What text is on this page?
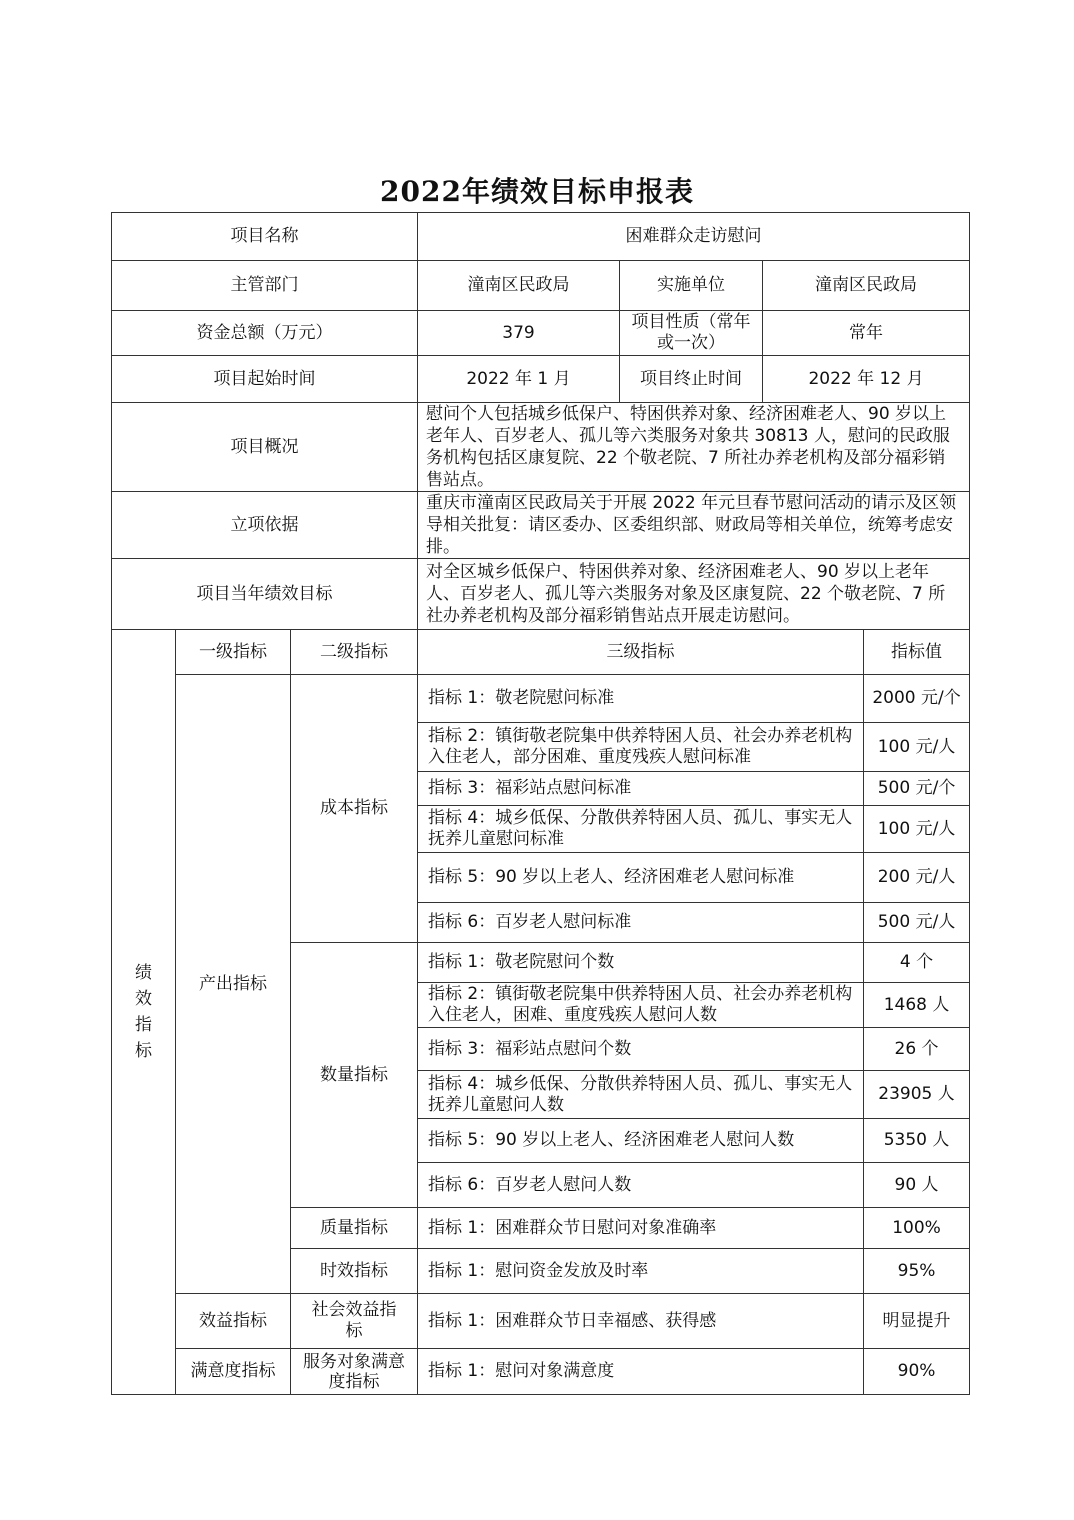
2022年绩效目标申报表
项目名称			困难群众走访慰问			
主管部门			潼南区民政局	实施单位	潼南区民政局	
资金总额（万元）			379	项目性质（常年或一次）	常年	
项目起始时间			2022 年 1 月	项目终止时间	2022 年 12 月	
项目概况			慰问个人包括城乡低保户、特困供养对象、经济困难老人、90 岁以上老年人、百岁老人、孤儿等六类服务对象共 30813 人，慰问的民政服务机构包括区康复院、22 个敬老院、7 所社办养老机构及部分福彩销售站点。			
立项依据			重庆市潼南区民政局关于开展 2022 年元旦春节慰问活动的请示及区领导相关批复：请区委办、区委组织部、财政局等相关单位，统筹考虑安排。			
项目当年绩效目标			对全区城乡低保户、特困供养对象、经济困难老人、90 岁以上老年人、百岁老人、孤儿等六类服务对象及区康复院、22 个敬老院、7 所社办养老机构及部分福彩销售站点开展走访慰问。			
绩效指标	一级指标	二级指标	三级指标			指标值
	产出指标	成本指标	指标 1：敬老院慰问标准			2000 元/个
			指标 2：镇街敬老院集中供养特困人员、社会办养老机构入住老人，部分困难、重度残疾人慰问标准			100 元/人
			指标 3：福彩站点慰问标准			500 元/个
			指标 4：城乡低保、分散供养特困人员、孤儿、事实无人抚养儿童慰问标准			100 元/人
			指标 5：90 岁以上老人、经济困难老人慰问标准			200 元/人
			指标 6：百岁老人慰问标准			500 元/人
		数量指标	指标 1：敬老院慰问个数			4 个
			指标 2：镇街敬老院集中供养特困人员、社会办养老机构入住老人，困难、重度残疾人慰问人数			1468 人
			指标 3：福彩站点慰问个数			26 个
			指标 4：城乡低保、分散供养特困人员、孤儿、事实无人抚养儿童慰问人数			23905 人
			指标 5：90 岁以上老人、经济困难老人慰问人数			5350 人
			指标 6：百岁老人慰问人数			90 人
		质量指标	指标 1：困难群众节日慰问对象准确率			100%
		时效指标	指标 1：慰问资金发放及时率			95%
	效益指标	社会效益指标	指标 1：困难群众节日幸福感、获得感			明显提升
	满意度指标	服务对象满意度指标	指标 1：慰问对象满意度			90%
